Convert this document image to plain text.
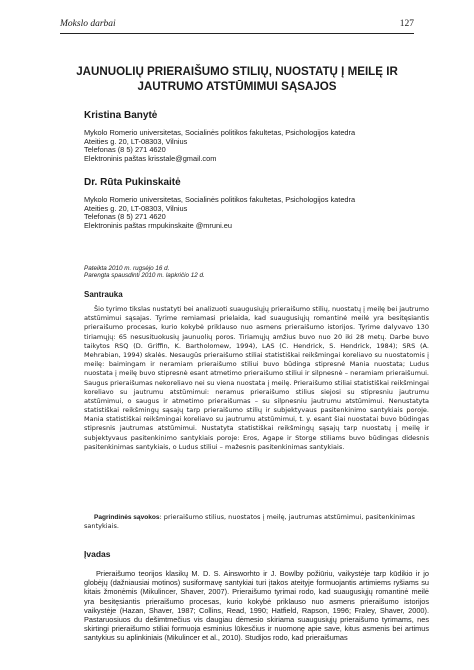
Mokslo darbai	127
JAUNUOLIŲ PRIERAIŠUMO STILIŲ, NUOSTATŲ Į MEILĘ IR JAUTRUMO ATSTŪMIMUI SĄSAJOS
Kristina Banytė
Mykolo Romerio universitetas, Socialinės politikos fakultetas, Psichologijos katedra
Ateities g. 20, LT-08303, Vilnius
Telefonas (8 5) 271 4620
Elektroninis paštas krisstale@gmail.com
Dr. Rūta Pukinskaitė
Mykolo Romerio universitetas, Socialinės politikos fakultetas, Psichologijos katedra
Ateities g. 20, LT-08303, Vilnius
Telefonas (8 5) 271 4620
Elektroninis paštas rmpukinskaite @mruni.eu
Pateikta 2010 m. rugsėjo 16 d.
Parengta spausdinti 2010 m. lapkričio 12 d.
Santrauka
Šio tyrimo tikslas nustatyti bei analizuoti suaugusiųjų prieraišumo stilių, nuostatų į meilę bei jautrumo atstūmimui sąsajas. Tyrime remiamasi prielaida, kad suaugusiųjų romantinė meilė yra besitęsiantis prieraišumo procesas, kurio kokybė priklauso nuo asmens prieraišumo istorijos. Tyrime dalyvavo 130 tiriamųjų: 65 nesusituokusių jaunuolių poros. Tiriamųjų amžius buvo nuo 20 iki 28 metų. Darbe buvo taikytos RSQ (D. Griffin, K. Bartholomew, 1994), LAS (C. Hendrick, S. Hendrick, 1984); SRS (A. Mehrabian, 1994) skalės. Nesaugūs prieraišumo stiliai statistiškai reikšmingai koreliavo su nuostatomis į meilę: baimingam ir neramiam prieraišumo stiliui buvo būdinga stipresnė Mania nuostata; Ludus nuostata į meilę buvo stipresnė esant atmetimo prieraišumo stiliui ir silpnesnė – neramiam prieraišumui. Saugus prieraišumas nekoreliavo nei su viena nuostata į meilę. Prieraišumo stiliai statistiškai reikšmingai koreliavo su jautrumu atstūmimui: neramus prieraišumo stilius siejosi su stipresniu jautrumu atstūmimui, o saugus ir atmetimo prieraišumas – su silpnesniu jautrumu atstūmimui. Nenustatyta statistiškai reikšmingų sąsajų tarp prieraišumo stilių ir subjektyvaus pasitenkinimo santykiais poroje. Mania statistiškai reikšmingai koreliavo su jautrumu atstūmimui, t. y. esant šiai nuostatai buvo būdingas stipresnis jautrumas atstūmimui. Nustatyta statistiškai reikšmingų sąsajų tarp nuostatų į meilę ir subjektyvaus pasitenkinimo santykiais poroje: Eros, Agape ir Storge stiliams buvo būdingas didesnis pasitenkinimas santykiais, o Ludus stiliui – mažesnis pasitenkinimas santykiais.
Pagrindinės sąvokos: prieraišumo stilius, nuostatos į meilę, jautrumas atstūmimui, pasitenkinimas santykiais.
Įvadas
Prieraišumo teorijos klasikų M. D. S. Ainsworhto ir J. Bowlby požiūriu, vaikystėje tarp kūdikio ir jo globėjų (dažniausiai motinos) susiformavę santykiai turi įtakos ateityje formuojantis artimiems ryšiams su kitais žmonėmis (Mikulincer, Shaver, 2007). Prieraišumo tyrimai rodo, kad suaugusiųjų romantinė meilė yra besitęsiantis prieraišumo procesas, kurio kokybė priklauso nuo asmens prieraišumo istorijos vaikystėje (Hazan, Shaver, 1987; Collins, Read, 1990; Hatfield, Rapson, 1996; Fraley, Shaver, 2000). Pastaruosiuos du dešimtmečius vis daugiau dėmesio skiriama suaugusiųjų prieraišumo tyrimams, nes skirtingi prieraišumo stiliai formuoja esminius lūkesčius ir nuomonę apie save, kitus asmenis bei artimus santykius su aplinkiniais (Mikulincer et al., 2010). Studijos rodo, kad prieraišumas
